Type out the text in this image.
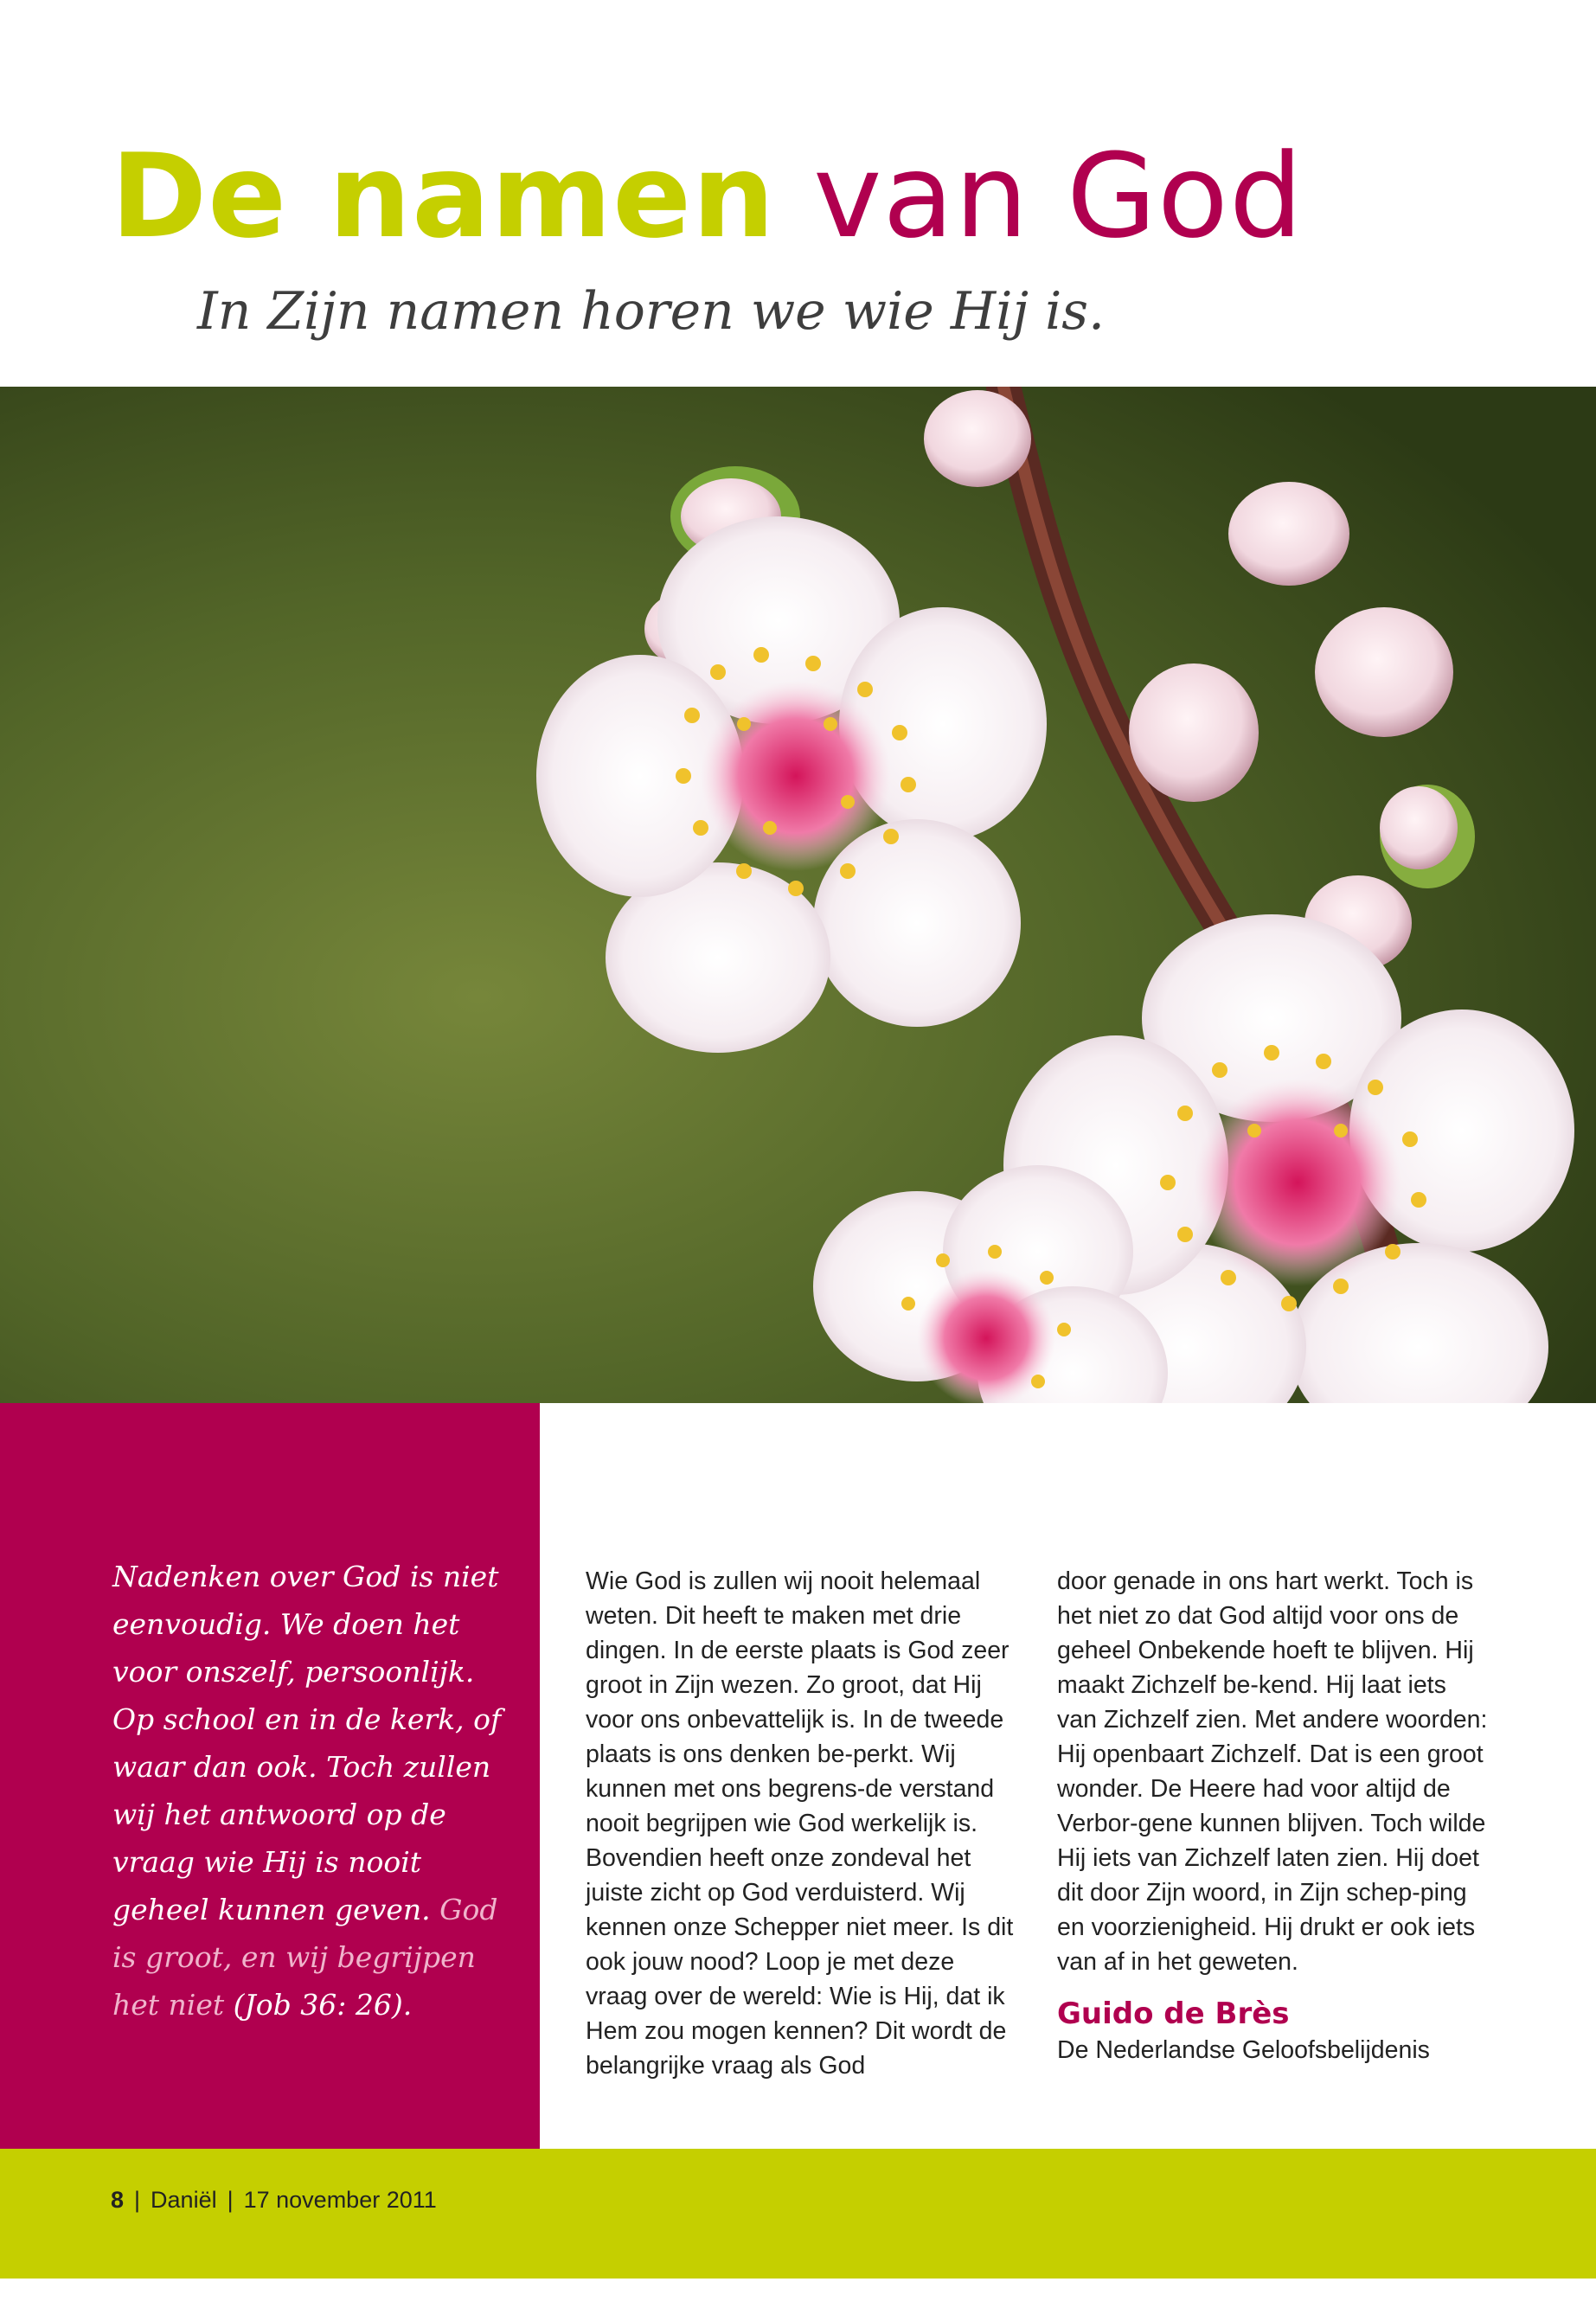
De namen van God
In Zijn namen horen we wie Hij is.
Nadenken over God is niet eenvoudig. We doen het voor onszelf, persoonlijk. Op school en in de kerk, of waar dan ook. Toch zullen wij het antwoord op de vraag wie Hij is nooit geheel kunnen geven. God is groot, en wij begrijpen het niet (Job 36: 26).

Wie God is zullen wij nooit helemaal weten. Dit heeft te maken met drie dingen. In de eerste plaats is God zeer groot in Zijn wezen. Zo groot, dat Hij voor ons onbevattelijk is. In de tweede plaats is ons denken be-perkt. Wij kunnen met ons begrens-de verstand nooit begrijpen wie God werkelijk is.

Bovendien heeft onze zondeval het juiste zicht op God verduisterd. Wij kennen onze Schepper niet meer. Is dit ook jouw nood? Loop je met deze vraag over de wereld: Wie is Hij, dat ik Hem zou mogen kennen? Dit wordt de belangrijke vraag als God

door genade in ons hart werkt. Toch is het niet zo dat God altijd voor ons de geheel Onbekende hoeft te blijven. Hij maakt Zichzelf be-kend. Hij laat iets van Zichzelf zien. Met andere woorden: Hij openbaart Zichzelf. Dat is een groot wonder. De Heere had voor altijd de Verbor-gene kunnen blijven. Toch wilde Hij iets van Zichzelf laten zien. Hij doet dit door Zijn woord, in Zijn schep-ping en voorzienigheid. Hij drukt er ook iets van af in het geweten.

Guido de Brès

De Nederlandse Geloofsbelijdenis

8 | Daniël | 17 november 2011
